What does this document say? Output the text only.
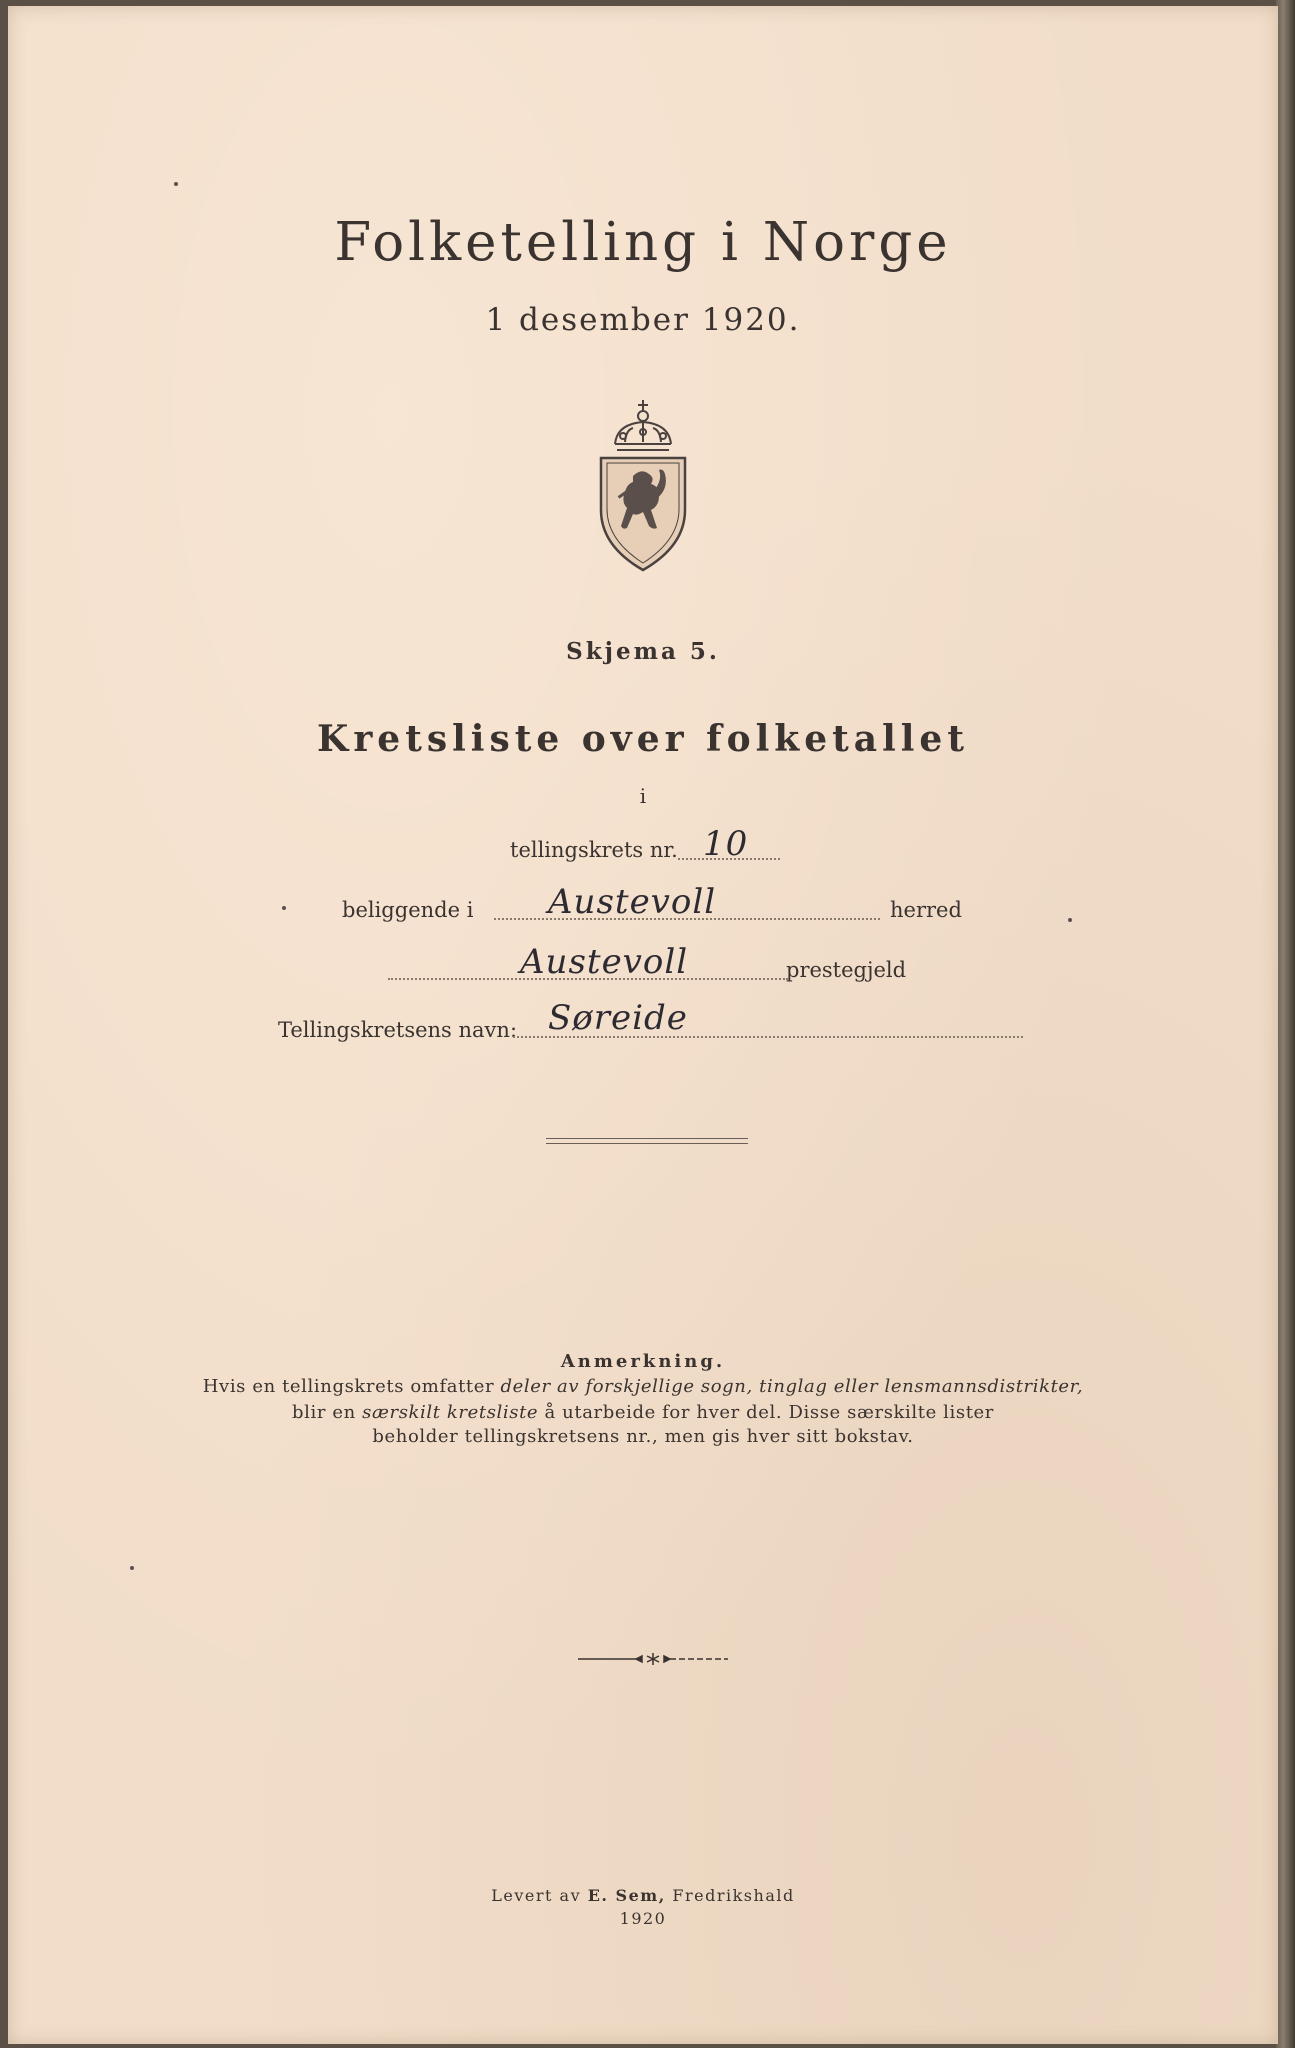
Folketelling i Norge
1 desember 1920.
Skjema 5.
Kretsliste over folketallet
i
tellingskrets nr. 10
beliggende i Austevoll	herred
Austevoll	prestegjeld
Tellingskretsens navn: Søreide
Anmerkning.
Hvis en tellingskrets omfatter deler av forskjellige sogn, tinglag eller lensmannsdistrikter,
blir en særskilt kretsliste å utarbeide for hver del. Disse særskilte lister
beholder tellingskretsens nr., men gis hver sitt bokstav.
Levert av E. Sem, Fredrikshald
1920
